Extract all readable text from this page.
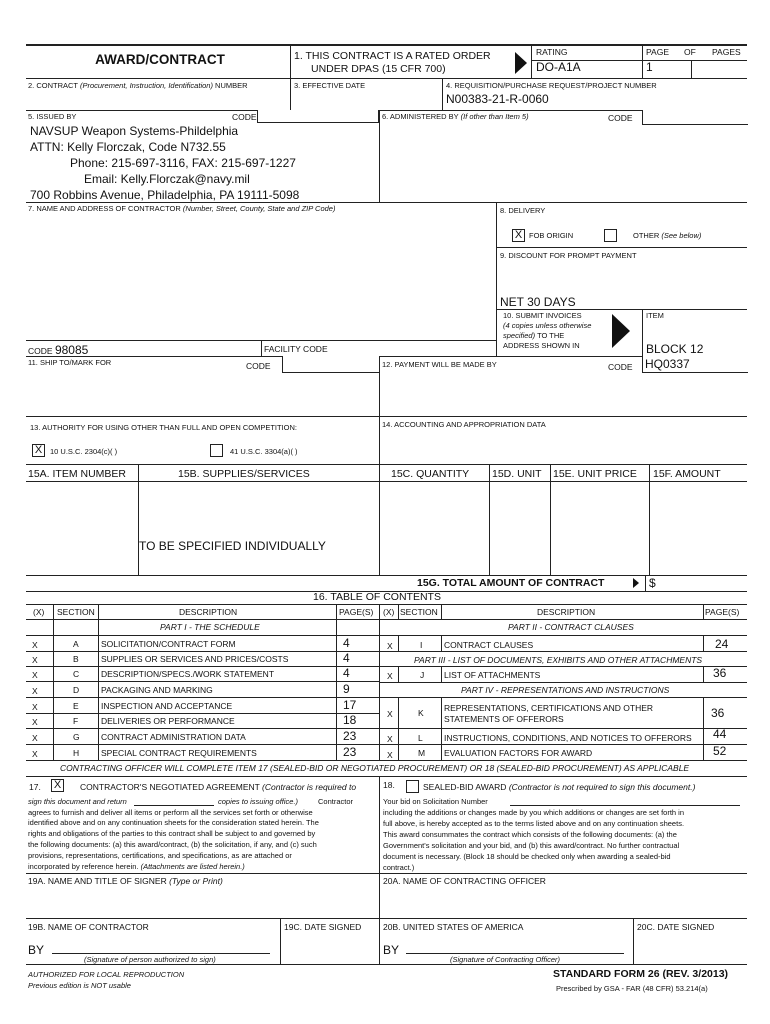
AWARD/CONTRACT	1. THIS CONTRACT IS A RATED ORDER
UNDER DPAS (15 CFR 700)
RATING
DO-A1A
PAGE OF PAGES
1
2. CONTRACT (Procurement, Instruction, Identification) NUMBER	3. EFFECTIVE DATE	4. REQUISITION/PURCHASE REQUEST/PROJECT NUMBER
N00383-21-R-0060
5. ISSUED BY	CODE
NAVSUP Weapon Systems-Phildelphia
ATTN: Kelly Florczak, Code N732.55
Phone: 215-697-3116, FAX: 215-697-1227
Email: Kelly.Florczak@navy.mil
700 Robbins Avenue, Philadelphia, PA 19111-5098
6. ADMINISTERED BY (If other than Item 5)	CODE
7. NAME AND ADDRESS OF CONTRACTOR (Number, Street, County, State and ZIP Code)	8. DELIVERY
X FOB ORIGIN	OTHER (See below)
9. DISCOUNT FOR PROMPT PAYMENT
NET 30 DAYS
10. SUBMIT INVOICES
(4 copies unless otherwise
specified) TO THE
ADDRESS SHOWN IN
ITEM
BLOCK 12
CODE 98085	FACILITY CODE
11. SHIP TO/MARK FOR	CODE	12. PAYMENT WILL BE MADE BY	CODE HQ0337
13. AUTHORITY FOR USING OTHER THAN FULL AND OPEN COMPETITION:
X	10 U.S.C. 2304(c)( )	41 U.S.C. 3304(a)( )
14. ACCOUNTING AND APPROPRIATION DATA
15A. ITEM NUMBER	15B. SUPPLIES/SERVICES	15C. QUANTITY 15D. UNIT 15E. UNIT PRICE 15F. AMOUNT
TO BE SPECIFIED INDIVIDUALLY
15G. TOTAL AMOUNT OF CONTRACT	$
16. TABLE OF CONTENTS
(X) SECTION	DESCRIPTION	PAGE(S) (X) SECTION	DESCRIPTION	PAGE(S)
PART I - THE SCHEDULE	PART II - CONTRACT CLAUSES
X	A	SOLICITATION/CONTRACT FORM	4
X	B	SUPPLIES OR SERVICES AND PRICES/COSTS	4
X	C	DESCRIPTION/SPECS./WORK STATEMENT	4
X	D	PACKAGING AND MARKING	9
X	E	INSPECTION AND ACCEPTANCE	17
X	F	DELIVERIES OR PERFORMANCE	18
X	G	CONTRACT ADMINISTRATION DATA	23
X	H	SPECIAL CONTRACT REQUIREMENTS	23
X	I	CONTRACT CLAUSES	24
PART III - LIST OF DOCUMENTS, EXHIBITS AND OTHER ATTACHMENTS
X	J LIST OF ATTACHMENTS	36
PART IV - REPRESENTATIONS AND INSTRUCTIONS
X	K REPRESENTATIONS, CERTIFICATIONS AND OTHER
STATEMENTS OF OFFERORS	36
X	L	INSTRUCTIONS, CONDITIONS, AND NOTICES TO OFFERORS 44
X	M EVALUATION FACTORS FOR AWARD	52
CONTRACTING OFFICER WILL COMPLETE ITEM 17 (SEALED-BID OR NEGOTIATED PROCUREMENT) OR 18 (SEALED-BID PROCUREMENT) AS APPLICABLE
17. X	CONTRACTOR'S NEGOTIATED AGREEMENT (Contractor is required to
sign this document and return	copies to issuing office.)	Contractor
agrees to furnish and deliver all items or perform all the services set forth or otherwise
identified above and on any continuation sheets for the consideration stated herein. The
rights and obligations of the parties to this contract shall be subject to and governed by
the following documents: (a) this award/contract, (b) the solicitation, if any, and (c) such
provisions, representations, certifications, and specifications, as are attached or
incorporated by reference herein. (Attachments are listed herein.)
18.	SEALED-BID AWARD (Contractor is not required to sign this document.)
Your bid on Solicitation Number
including the additions or changes made by you which additions or changes are set forth in
full above, is hereby accepted as to the terms listed above and on any continuation sheets.
This award consummates the contract which consists of the following documents: (a) the
Government's solicitation and your bid, and (b) this award/contract. No further contractual
document is necessary. (Block 18 should be checked only when awarding a sealed-bid
contract.)
19A. NAME AND TITLE OF SIGNER (Type or Print)	20A. NAME OF CONTRACTING OFFICER
19B. NAME OF CONTRACTOR	19C. DATE SIGNED	20B. UNITED STATES OF AMERICA	20C. DATE SIGNED
BY
(Signature of person authorized to sign)
BY
(Signature of Contracting Officer)
AUTHORIZED FOR LOCAL REPRODUCTION
Previous edition is NOT usable
STANDARD FORM 26 (REV. 3/2013)
Prescribed by GSA - FAR (48 CFR) 53.214(a)
